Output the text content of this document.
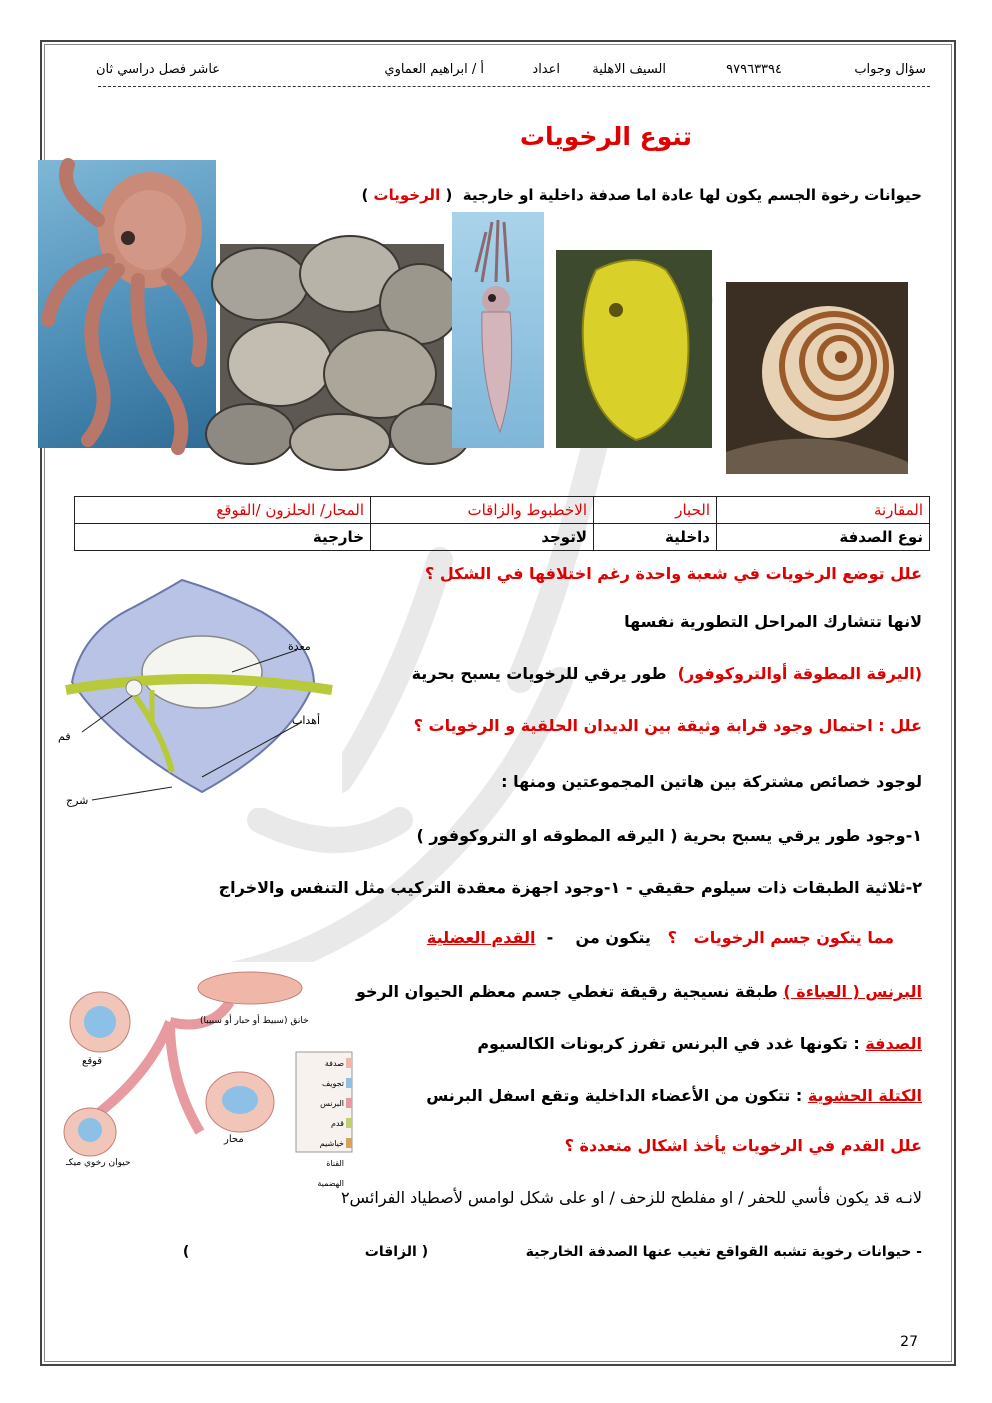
سؤال وجواب
٩٧٩٦٣٣٩٤
السيف الاهلية
اعداد
أ / ابراهيم العماوي
عاشر فصل دراسي ثان
تنوع الرخويات
حيوانات رخوة الجسم يكون لها عادة اما صدفة داخلية او خارجية  ( الرخويات )
المقارنة	الحبار	الاخطبوط والزاقات	المحار/ الحلزون /القوقع
نوع الصدفة	داخلية	لاتوجد	خارجية
معدة
فم
أهداب
شرج
علل توضع الرخويات في شعبة واحدة رغم اختلافها في الشكل ؟
لانها تتشارك المراحل التطورية نفسها
(اليرقة المطوقة أوالتروكوفور)  طور يرقي للرخويات يسبح بحرية
علل : احتمال وجود قرابة وثيقة بين الديدان الحلقية و الرخويات ؟
لوجود خصائص مشتركة بين هاتين المجموعتين ومنها :
١-وجود طور يرقي يسبح بحرية ( اليرقه المطوقه او التروكوفور )
٢-ثلاثية الطبقات ذات سيلوم حقيقي - ١-وجود اجهزة معقدة التركيب مثل التنفس والاخراج
مما يتكون جسم الرخويات   ؟   يتكون من    -  القدم العضلية
خانق (سبيط أو حبار أو سبيبا)
قوقع
محار
حيوان رخوي ميكـ
صدفة
تجويف البرنس
قدم
خياشيم
القناة الهضمية
البرنس ( العباءة ) طبقة نسيجية رقيقة تغطي جسم معظم الحيوان الرخو
الصدفة : تكونها غدد في البرنس تفرز كربونات الكالسيوم
الكتلة الحشوية : تتكون من الأعضاء الداخلية وتقع اسفل البرنس
علل القدم في الرخويات يأخذ اشكال متعددة ؟
لانـه قد يكون فأسي للحفر / او مفلطح للزحف / او على شكل لوامس لأصطياد الفرائس٢
- حيوانات رخوية تشبه القواقع تغيب عنها الصدفة الخارجية                    ( الزاقات                                    )
27
